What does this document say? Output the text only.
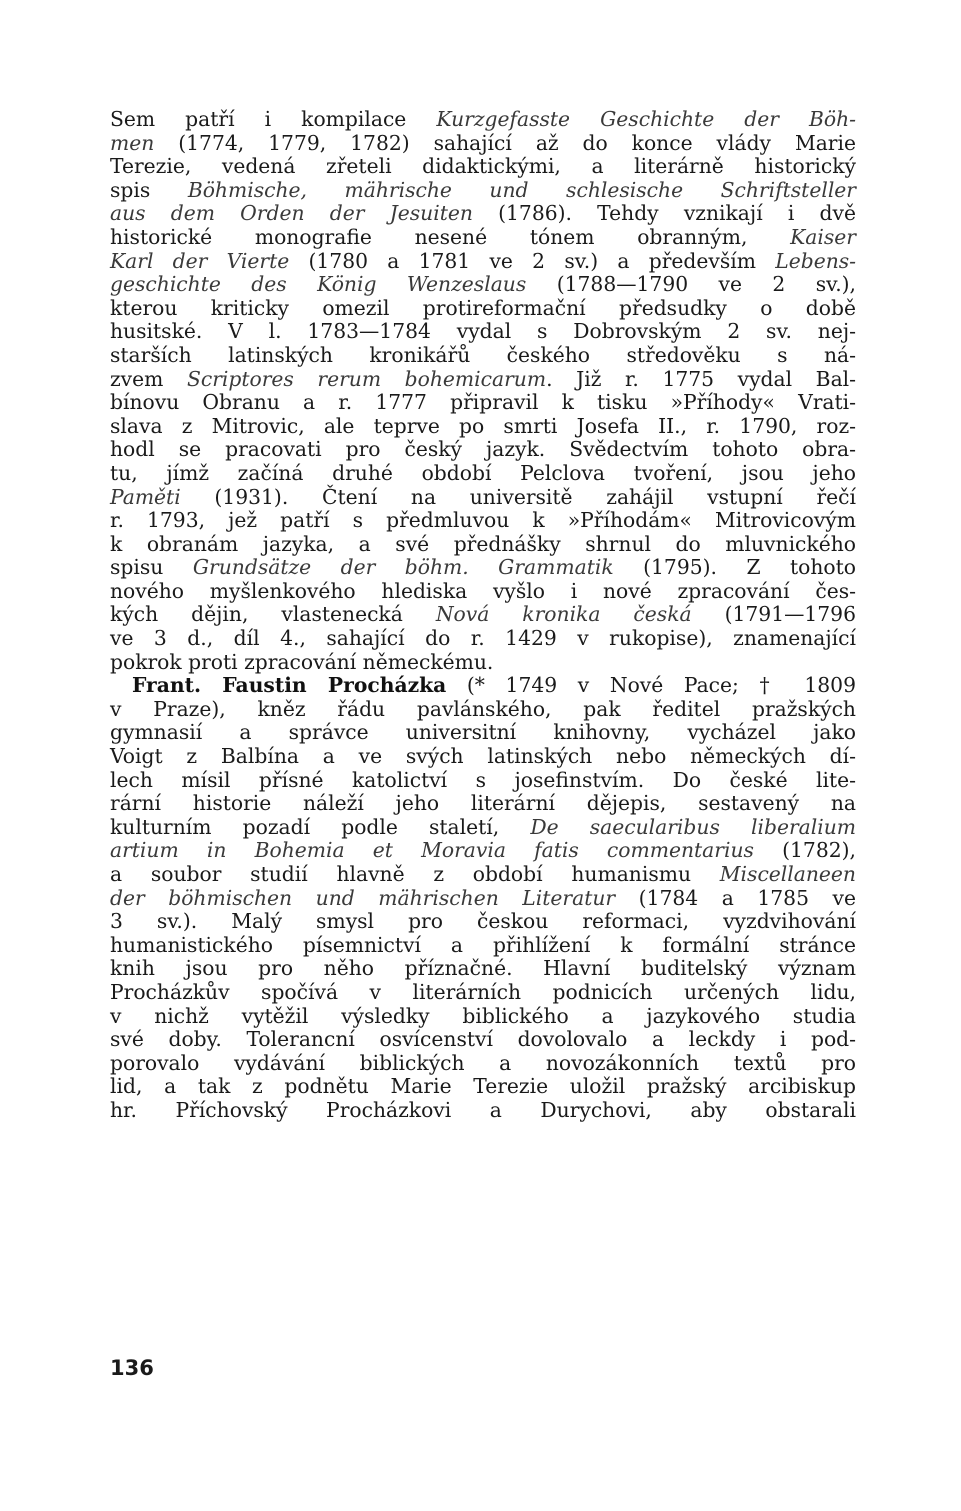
Sem patří i kompilace Kurzgefasste Geschichte der Böh-
men (1774, 1779, 1782) sahající až do konce vlády Marie
Terezie, vedená zřeteli didaktickými, a literárně historický
spis Böhmische, mährische und schlesische Schriftsteller
aus dem Orden der Jesuiten (1786). Tehdy vznikají i dvě
historické monografie nesené tónem obranným, Kaiser
Karl der Vierte (1780 a 1781 ve 2 sv.) a především Lebens-
geschichte des König Wenzeslaus (1788—1790 ve 2 sv.),
kterou kriticky omezil protireformační předsudky o době
husitské. V l. 1783—1784 vydal s Dobrovským 2 sv. nej-
starších latinských kronikářů českého středověku s ná-
zvem Scriptores rerum bohemicarum. Již r. 1775 vydal Bal-
bínovu Obranu a r. 1777 připravil k tisku »Příhody« Vrati-
slava z Mitrovic, ale teprve po smrti Josefa II., r. 1790, roz-
hodl se pracovati pro český jazyk. Svědectvím tohoto obra-
tu, jímž začíná druhé období Pelclova tvoření, jsou jeho
Paměti (1931). Čtení na universitě zahájil vstupní řečí
r. 1793, jež patří s předmluvou k »Příhodám« Mitrovicovým
k obranám jazyka, a své přednášky shrnul do mluvnického
spisu Grundsätze der böhm. Grammatik (1795). Z tohoto
nového myšlenkového hlediska vyšlo i nové zpracování čes-
kých dějin, vlastenecká Nová kronika česká (1791—1796
ve 3 d., díl 4., sahající do r. 1429 v rukopise), znamenající
pokrok proti zpracování německému.
Frant. Faustin Procházka (* 1749 v Nové Pace; † 1809
v Praze), kněz řádu pavlánského, pak ředitel pražských
gymnasií a správce universitní knihovny, vycházel jako
Voigt z Balbína a ve svých latinských nebo německých dí-
lech mísil přísné katolictví s josefinstvím. Do české lite-
rární historie náleží jeho literární dějepis, sestavený na
kulturním pozadí podle staletí, De saecularibus liberalium
artium in Bohemia et Moravia fatis commentarius (1782),
a soubor studií hlavně z období humanismu Miscellaneen
der böhmischen und mährischen Literatur (1784 a 1785 ve
3 sv.). Malý smysl pro českou reformaci, vyzdvihování
humanistického písemnictví a přihlížení k formální stránce
knih jsou pro něho příznačné. Hlavní buditelský význam
Procházkův spočívá v literárních podnicích určených lidu,
v nichž vytěžil výsledky biblického a jazykového studia
své doby. Tolerancní osvícenství dovolovalo a leckdy i pod-
porovalo vydávání biblických a novozákonních textů pro
lid, a tak z podnětu Marie Terezie uložil pražský arcibiskup
hr. Příchovský Procházkovi a Durychovi, aby obstarali
136
